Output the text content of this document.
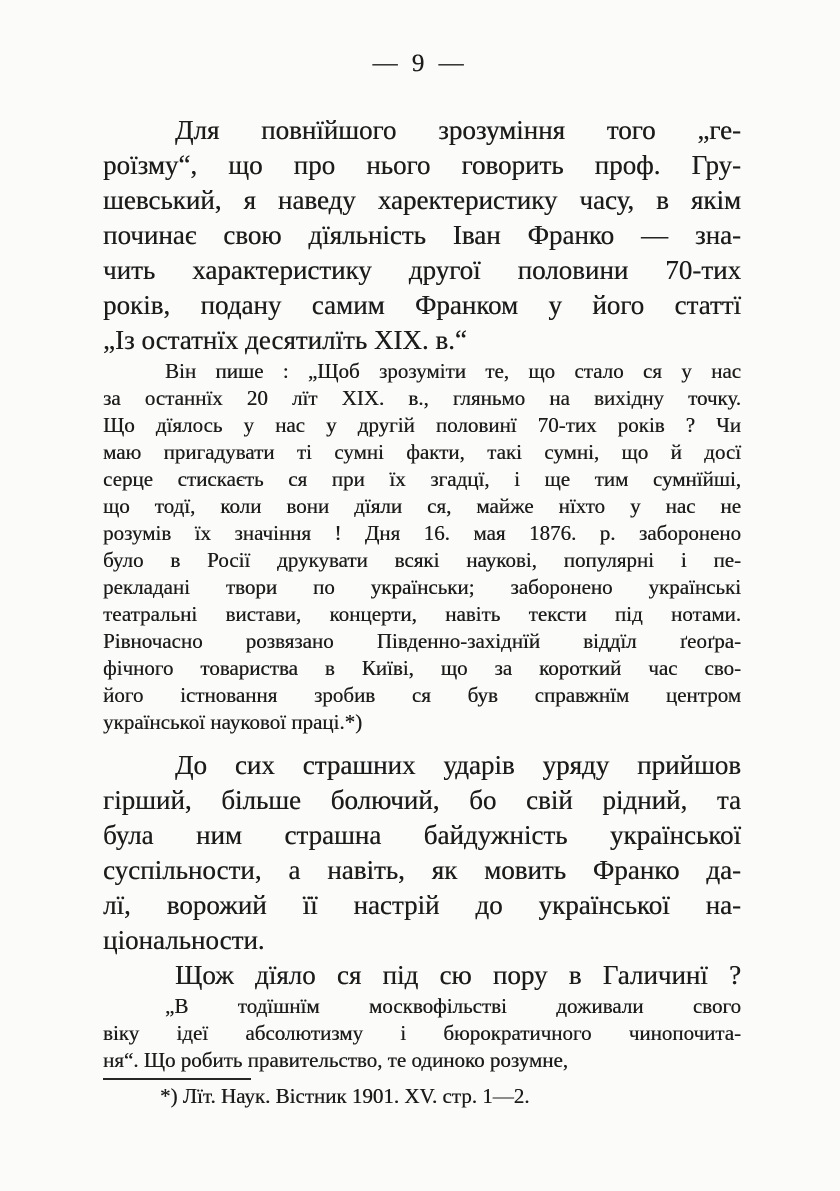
— 9 —

Для повнїйшого зрозуміння того „ге-
роїзму“, що про нього говорить проф. Гру-
шевський, я наведу харектеристику часу, в якім
починає свою дїяльність Іван Франко — зна-
чить характеристику другої половини 70-тих
років, подану самим Франком у його статтї
„Із остатнїх десятилїть XIX. в.“

Він пише : „Щоб зрозуміти те, що стало ся у нас
за останнїх 20 лїт XIX. в., гляньмо на вихідну точку.
Що дїялось у нас у другій половинї 70-тих років ? Чи
маю пригадувати ті сумні факти, такі сумні, що й досї
серце стискаєть ся при їх згадцї, і ще тим сумнїйші,
що тодї, коли вони дїяли ся, майже нїхто у нас не
розумів їх значіння ! Дня 16. мая 1876. р. заборонено
було в Росії друкувати всякі наукові, популярні і пе-
рекладані твори по українськи; заборонено українські
театральні вистави, концерти, навіть тексти під нотами.
Рівночасно розвязано Південно-західнїй віддїл ґеоґра-
фічного товариства в Київі, що за короткий час сво-
його істновання зробив ся був справжнїм центром
української наукової праці.*)

До сих страшних ударів уряду прийшов
гірший, більше болючий, бо свій рідний, та
була ним страшна байдужність української
суспільности, а навіть, як мовить Франко да-
лї, ворожий її настрій до української на-
ціональности.

Щож дїяло ся під сю пору в Галичинї ?

„В тодїшнїм москвофільстві доживали свого
віку ідеї абсолютизму і бюрократичного чинопочита-
ня“. Що робить правительство, те одиноко розумне,

*) Лїт. Наук. Вістник 1901. XV. стр. 1—2.
